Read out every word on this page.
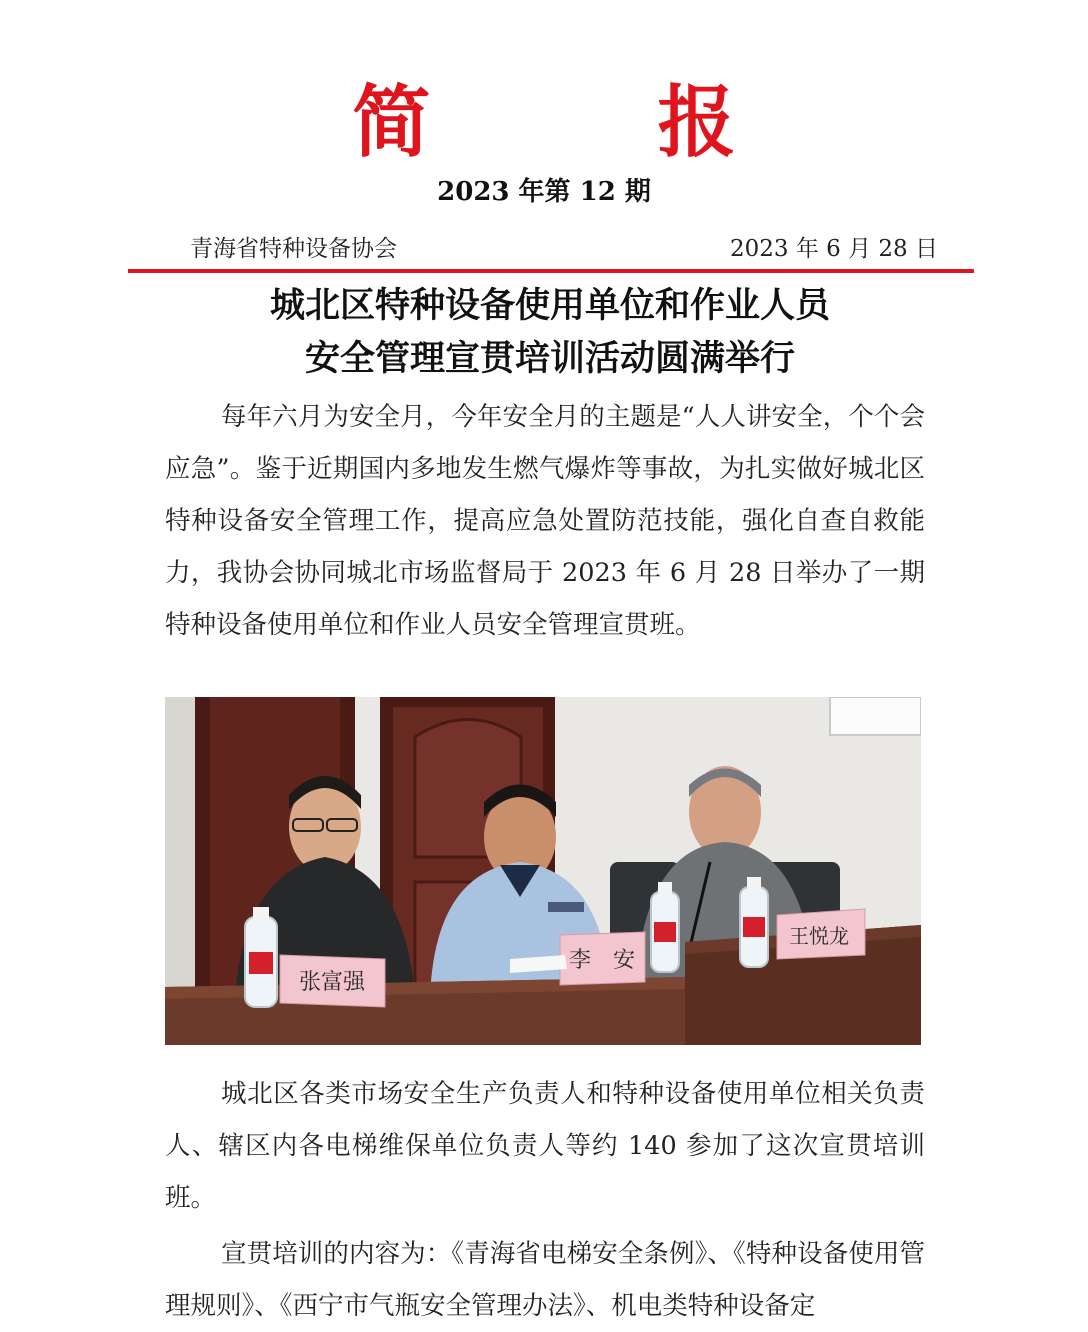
简 报
2023 年第 12 期
青海省特种设备协会	2023 年 6 月 28 日
城北区特种设备使用单位和作业人员
安全管理宣贯培训活动圆满举行

每年六月为安全月，今年安全月的主题是“人人讲安全，个个会应急”。鉴于近期国内多地发生燃气爆炸等事故，为扎实做好城北区特种设备安全管理工作，提高应急处置防范技能，强化自查自救能力，我协会协同城北市场监督局于 2023 年 6 月 28 日举办了一期特种设备使用单位和作业人员安全管理宣贯班。

张富强
李　安
王悦龙

城北区各类市场安全生产负责人和特种设备使用单位相关负责人、辖区内各电梯维保单位负责人等约 140 参加了这次宣贯培训班。

宣贯培训的内容为：《青海省电梯安全条例》、《特种设备使用管理规则》、《西宁市气瓶安全管理办法》、机电类特种设备定
